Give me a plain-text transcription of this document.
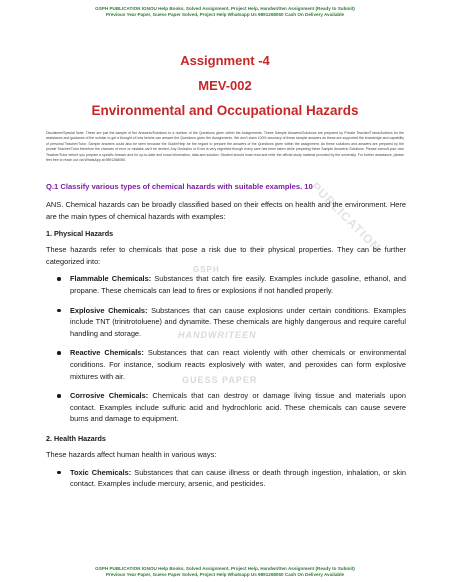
GSPH PUBLICATION IGNOU Help Books, Solved Assignment, Project Help, Handwritten Assignment (Ready to Submit)
Previous Year Paper, Guess Paper Solved, Project Help Whatsapp Us 9891268050 Cash On Delivery Available
Assignment -4
MEV-002
Environmental and Occupational Hazards
Disclaimer/Special Note: These are just the sample of the Answers/Solutions to a number of the Questions given within the Assignments. These Sample Answers/Solutions are prepared by Private Teacher/Tutors/Authors for the assistance and guidance of the scholar to get a thought of how he/she can answer the Questions given the Assignments. We don't claim 100% accuracy of those sample answers as these are supported the knowledge and capability of personal Teacher/Tutor. Sample answers could also be seen because the Guide/Help for the regard to prepare the answers of the Questions given within the assignment. As these solutions and answers are prepared by the private Teacher/Tutor therefore the chances of error or mistake can't be denied. Any Omission or Error is very regretted though every care has been taken while preparing these Sample Answers/ Solutions. Please consult your own Teacher/Tutor before you prepare a specific Answer and for up-to-date and exact information, data and solution. Student should must read and refer the official study material provided by the university. For further assistance, please feel free to reach out via WhatsApp at 9891268050.
GSPH
HANDWRITEEN
GUESS PAPER
PUBLICATION
Q.1 Classify various types of chemical hazards with suitable examples. 10
ANS. Chemical hazards can be broadly classified based on their effects on health and the environment. Here are the main types of chemical hazards with examples:
1. Physical Hazards
These hazards refer to chemicals that pose a risk due to their physical properties. They can be further categorized into:
Flammable Chemicals: Substances that catch fire easily. Examples include gasoline, ethanol, and propane. These chemicals can lead to fires or explosions if not handled properly.
Explosive Chemicals: Substances that can cause explosions under certain conditions. Examples include TNT (trinitrotoluene) and dynamite. These chemicals are highly dangerous and require careful handling and storage.
Reactive Chemicals: Substances that can react violently with other chemicals or environmental conditions. For instance, sodium reacts explosively with water, and peroxides can form explosive mixtures with air.
Corrosive Chemicals: Chemicals that can destroy or damage living tissue and materials upon contact. Examples include sulfuric acid and hydrochloric acid. These chemicals can cause severe burns and damage to equipment.
2. Health Hazards
These hazards affect human health in various ways:
Toxic Chemicals: Substances that can cause illness or death through ingestion, inhalation, or skin contact. Examples include mercury, arsenic, and pesticides.
GSPH PUBLICATION IGNOU Help Books, Solved Assignment, Project Help, Handwritten Assignment (Ready to Submit)
Previous Year Paper, Guess Paper Solved, Project Help Whatsapp Us 9891268050 Cash On Delivery Available
